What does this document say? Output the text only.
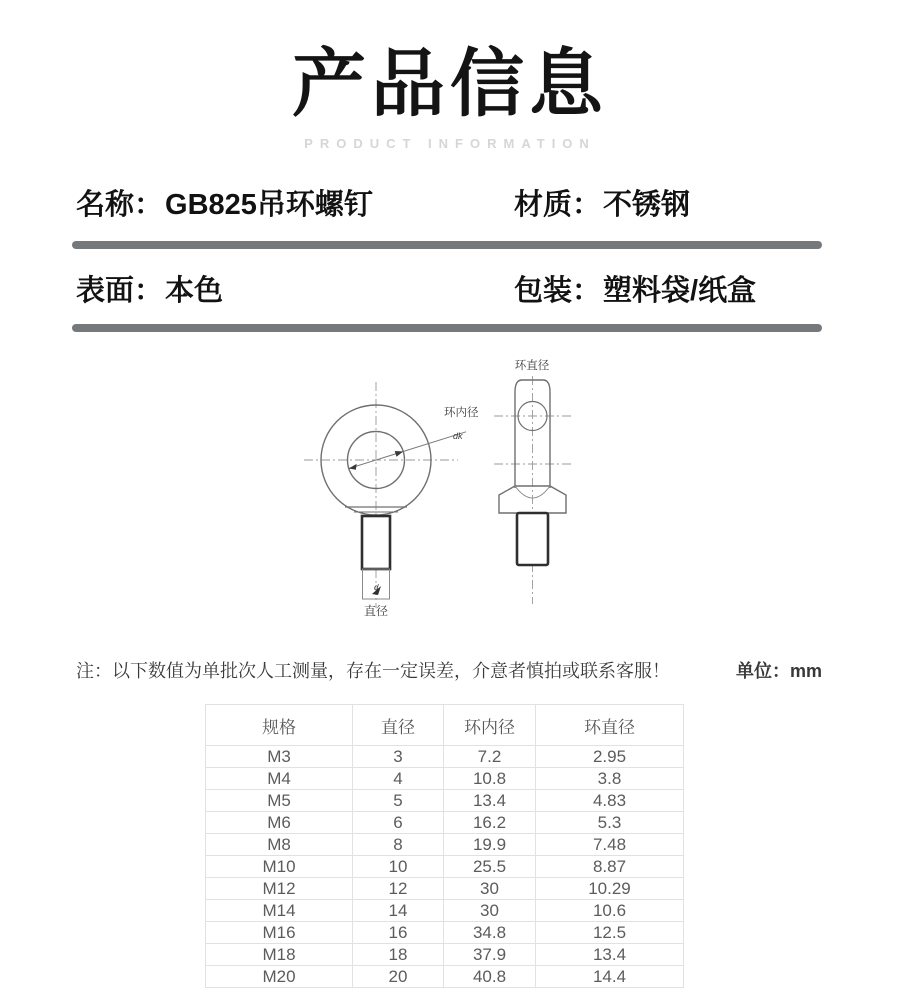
产品信息
PRODUCT INFORMATION
名称：GB825吊环螺钉	材质：不锈钢
表面：本色	包装：塑料袋/纸盒
环内径
dk
d
直径
环直径
注：以下数值为单批次人工测量，存在一定误差，介意者慎拍或联系客服！	单位：mm
规格	直径	环内径	环直径
M3	3	7.2	2.95
M4	4	10.8	3.8
M5	5	13.4	4.83
M6	6	16.2	5.3
M8	8	19.9	7.48
M10	10	25.5	8.87
M12	12	30	10.29
M14	14	30	10.6
M16	16	34.8	12.5
M18	18	37.9	13.4
M20	20	40.8	14.4
